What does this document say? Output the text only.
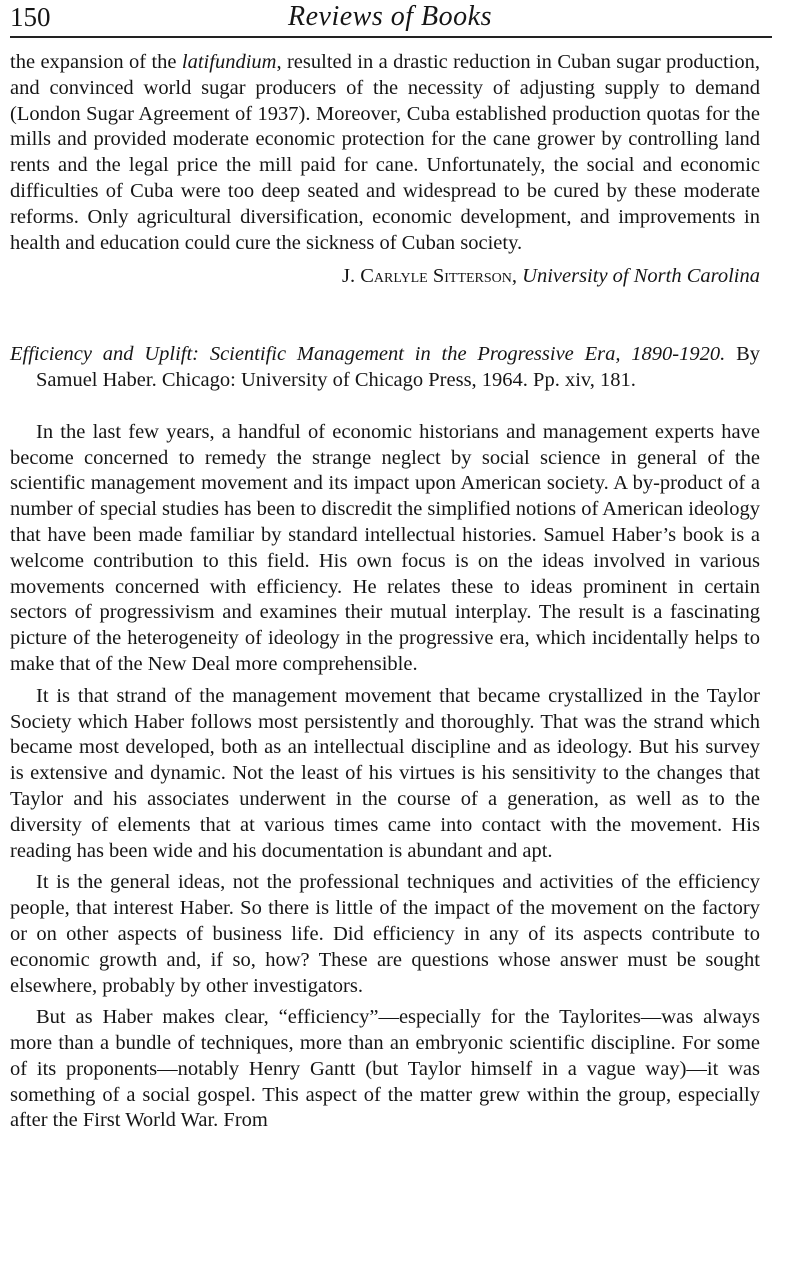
150	Reviews of Books

the expansion of the latifundium, resulted in a drastic reduction in Cuban sugar production, and convinced world sugar producers of the necessity of adjusting supply to demand (London Sugar Agreement of 1937). Moreover, Cuba established production quotas for the mills and provided moderate economic protection for the cane grower by controlling land rents and the legal price the mill paid for cane. Unfortunately, the social and economic difficulties of Cuba were too deep seated and widespread to be cured by these moderate reforms. Only agricultural diversification, economic development, and improvements in health and education could cure the sickness of Cuban society.

J. Carlyle Sitterson, University of North Carolina

Efficiency and Uplift: Scientific Management in the Progressive Era, 1890-1920. By Samuel Haber. Chicago: University of Chicago Press, 1964. Pp. xiv, 181.

In the last few years, a handful of economic historians and management experts have become concerned to remedy the strange neglect by social science in general of the scientific management movement and its impact upon American society. A by-product of a number of special studies has been to discredit the simplified notions of American ideology that have been made familiar by standard intellectual histories. Samuel Haber’s book is a welcome contribution to this field. His own focus is on the ideas involved in various movements concerned with efficiency. He relates these to ideas prominent in certain sectors of progressivism and examines their mutual interplay. The result is a fascinating picture of the heterogeneity of ideology in the progressive era, which incidentally helps to make that of the New Deal more comprehensible.

It is that strand of the management movement that became crystallized in the Taylor Society which Haber follows most persistently and thoroughly. That was the strand which became most developed, both as an intellectual discipline and as ideology. But his survey is extensive and dynamic. Not the least of his virtues is his sensitivity to the changes that Taylor and his associates underwent in the course of a generation, as well as to the diversity of elements that at various times came into contact with the movement. His reading has been wide and his documentation is abundant and apt.

It is the general ideas, not the professional techniques and activities of the efficiency people, that interest Haber. So there is little of the impact of the movement on the factory or on other aspects of business life. Did efficiency in any of its aspects contribute to economic growth and, if so, how? These are questions whose answer must be sought elsewhere, probably by other investigators.

But as Haber makes clear, “efficiency”—especially for the Taylorites—was always more than a bundle of techniques, more than an embryonic scientific discipline. For some of its proponents—notably Henry Gantt (but Taylor himself in a vague way)—it was something of a social gospel. This aspect of the matter grew within the group, especially after the First World War. From
